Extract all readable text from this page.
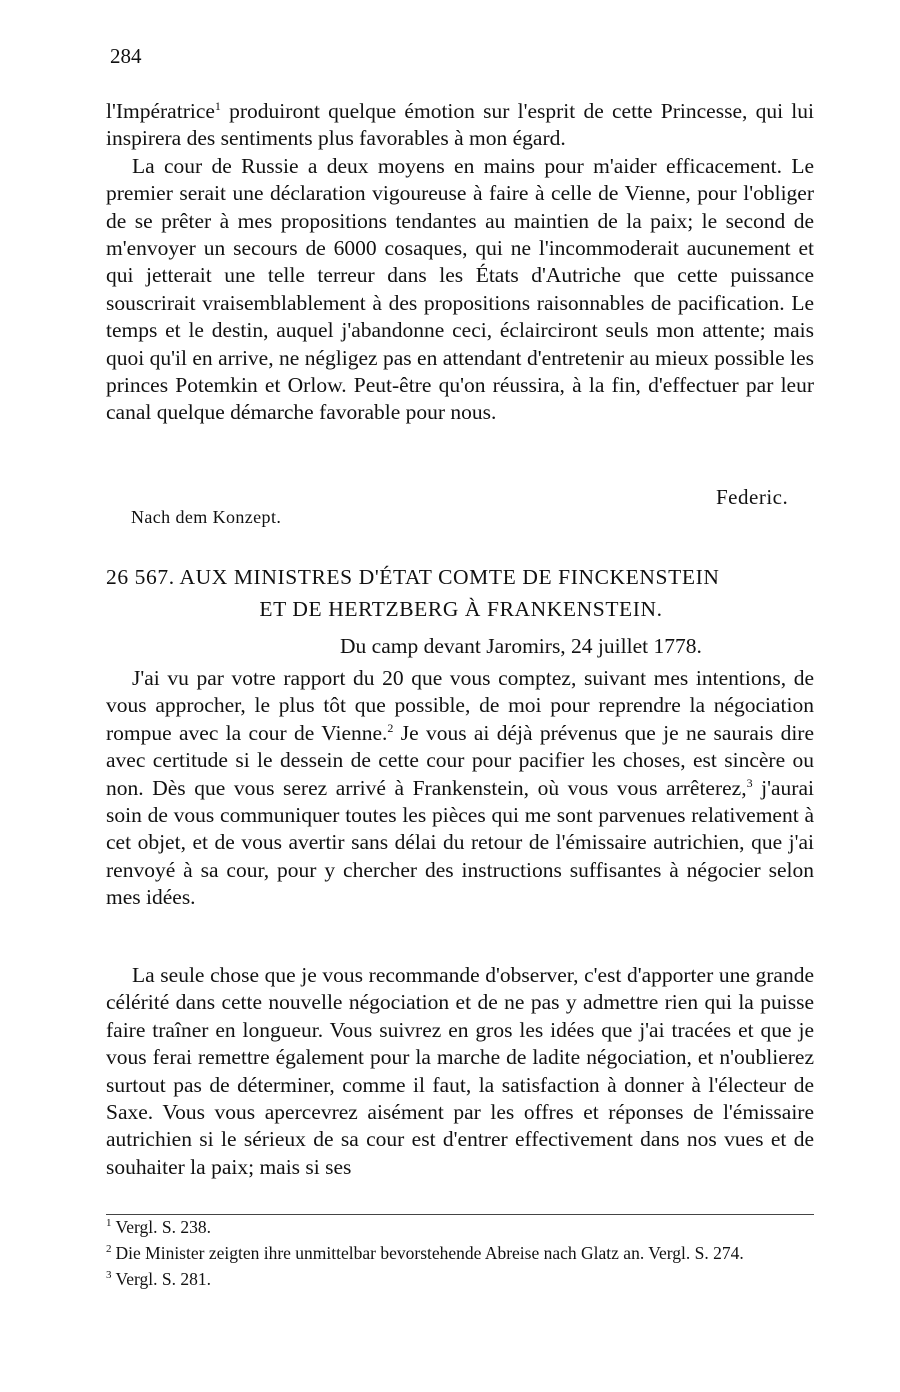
284

l'Impératrice$^1$ produiront quelque émotion sur l'esprit de cette Princesse, qui lui inspirera des sentiments plus favorables à mon égard.

La cour de Russie a deux moyens en mains pour m'aider efficacement. Le premier serait une déclaration vigoureuse à faire à celle de Vienne, pour l'obliger de se prêter à mes propositions tendantes au maintien de la paix; le second de m'envoyer un secours de 6000 cosaques, qui ne l'incommoderait aucunement et qui jetterait une telle terreur dans les États d'Autriche que cette puissance souscrirait vraisemblablement à des propositions raisonnables de pacification. Le temps et le destin, auquel j'abandonne ceci, éclairciront seuls mon attente; mais quoi qu'il en arrive, ne négligez pas en attendant d'entretenir au mieux possible les princes Potemkin et Orlow. Peut-être qu'on réussira, à la fin, d'effectuer par leur canal quelque démarche favorable pour nous.

Federic.
Nach dem Konzept.
26 567. AUX MINISTRES D'ÉTAT COMTE DE FINCKENSTEIN
ET DE HERTZBERG À FRANKENSTEIN.
Du camp devant Jaromirs, 24 juillet 1778.

J'ai vu par votre rapport du 20 que vous comptez, suivant mes intentions, de vous approcher, le plus tôt que possible, de moi pour reprendre la négociation rompue avec la cour de Vienne.$^2$ Je vous ai déjà prévenus que je ne saurais dire avec certitude si le dessein de cette cour pour pacifier les choses, est sincère ou non. Dès que vous serez arrivé à Frankenstein, où vous vous arrêterez,$^3$ j'aurai soin de vous communiquer toutes les pièces qui me sont parvenues relativement à cet objet, et de vous avertir sans délai du retour de l'émissaire autrichien, que j'ai renvoyé à sa cour, pour y chercher des instructions suffisantes à négocier selon mes idées.

La seule chose que je vous recommande d'observer, c'est d'apporter une grande célérité dans cette nouvelle négociation et de ne pas y admettre rien qui la puisse faire traîner en longueur. Vous suivrez en gros les idées que j'ai tracées et que je vous ferai remettre également pour la marche de ladite négociation, et n'oublierez surtout pas de déterminer, comme il faut, la satisfaction à donner à l'électeur de Saxe. Vous vous apercevrez aisément par les offres et réponses de l'émissaire autrichien si le sérieux de sa cour est d'entrer effectivement dans nos vues et de souhaiter la paix; mais si ses

$^1$ Vergl. S. 238.
$^2$ Die Minister zeigten ihre unmittelbar bevorstehende Abreise nach Glatz an. Vergl. S. 274.
$^3$ Vergl. S. 281.
